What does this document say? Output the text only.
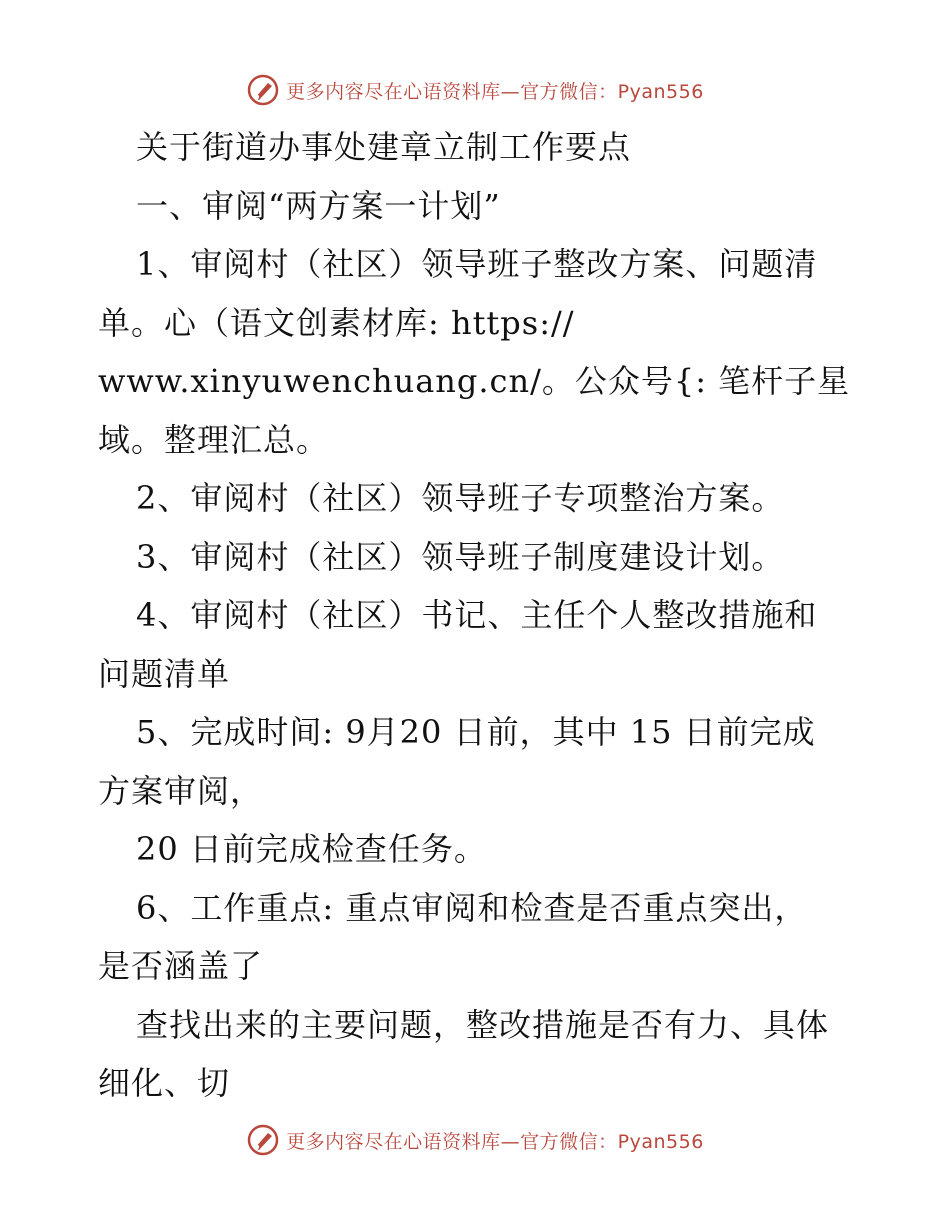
更多内容尽在心语资料库—官方微信：Pyan556
关于街道办事处建章立制工作要点
一、审阅“两方案一计划”
1、审阅村（社区）领导班子整改方案、问题清
单。心（语文创素材库: https://
www.xinyuwenchuang.cn/。公众号{: 笔杆子星
域。整理汇总。
2、审阅村（社区）领导班子专项整治方案。
3、审阅村（社区）领导班子制度建设计划。
4、审阅村（社区）书记、主任个人整改措施和
问题清单
5、完成时间: 9月20 日前，其中 15 日前完成
方案审阅，
20 日前完成检查任务。
6、工作重点: 重点审阅和检查是否重点突出，
是否涵盖了
查找出来的主要问题，整改措施是否有力、具体
细化、切
更多内容尽在心语资料库—官方微信：Pyan556
